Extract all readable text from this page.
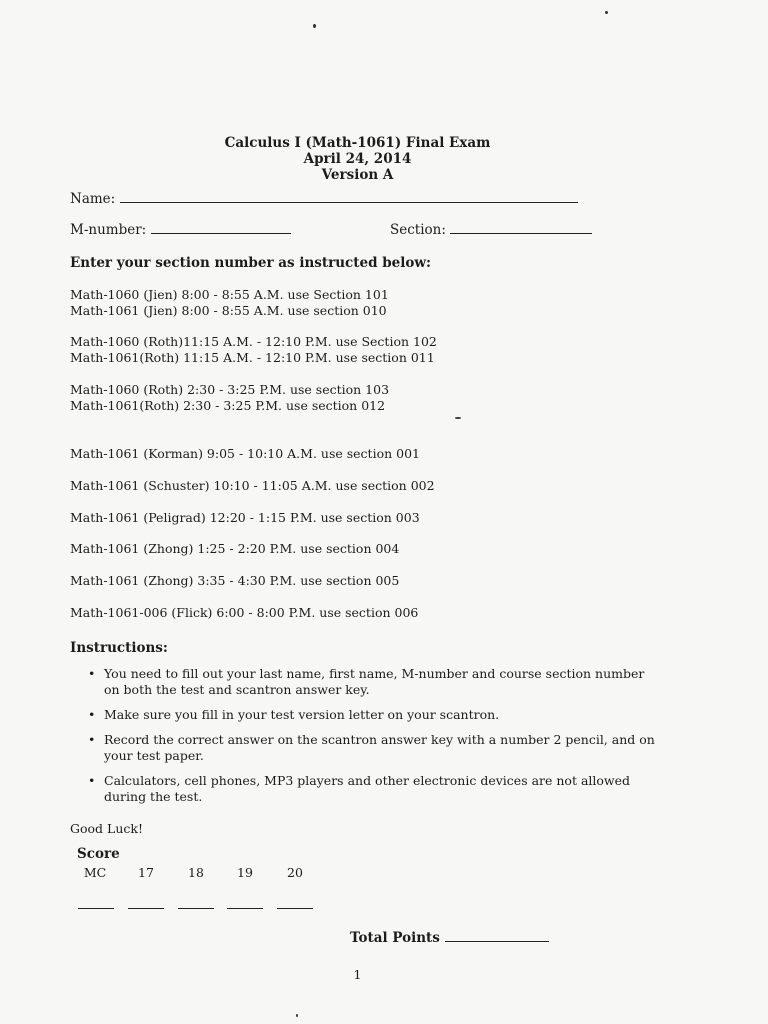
Calculus I (Math-1061) Final Exam
April 24, 2014
Version A
Name:
M-number:	Section:
Enter your section number as instructed below:
Math-1060 (Jien) 8:00 - 8:55 A.M. use Section 101
Math-1061 (Jien) 8:00 - 8:55 A.M. use section 010
Math-1060 (Roth)11:15 A.M. - 12:10 P.M. use Section 102
Math-1061(Roth) 11:15 A.M. - 12:10 P.M. use section 011
Math-1060 (Roth) 2:30 - 3:25 P.M. use section 103
Math-1061(Roth) 2:30 - 3:25 P.M. use section 012
Math-1061 (Korman) 9:05 - 10:10 A.M. use section 001
Math-1061 (Schuster) 10:10 - 11:05 A.M. use section 002
Math-1061 (Peligrad) 12:20 - 1:15 P.M. use section 003
Math-1061 (Zhong) 1:25 - 2:20 P.M. use section 004
Math-1061 (Zhong) 3:35 - 4:30 P.M. use section 005
Math-1061-006 (Flick) 6:00 - 8:00 P.M. use section 006
Instructions:
• You need to fill out your last name, first name, M-number and course section number on both the test and scantron answer key.
• Make sure you fill in your test version letter on your scantron.
• Record the correct answer on the scantron answer key with a number 2 pencil, and on your test paper.
• Calculators, cell phones, MP3 players and other electronic devices are not allowed during the test.
Good Luck!
Score
MC	17	18	19	20
Total Points
1
